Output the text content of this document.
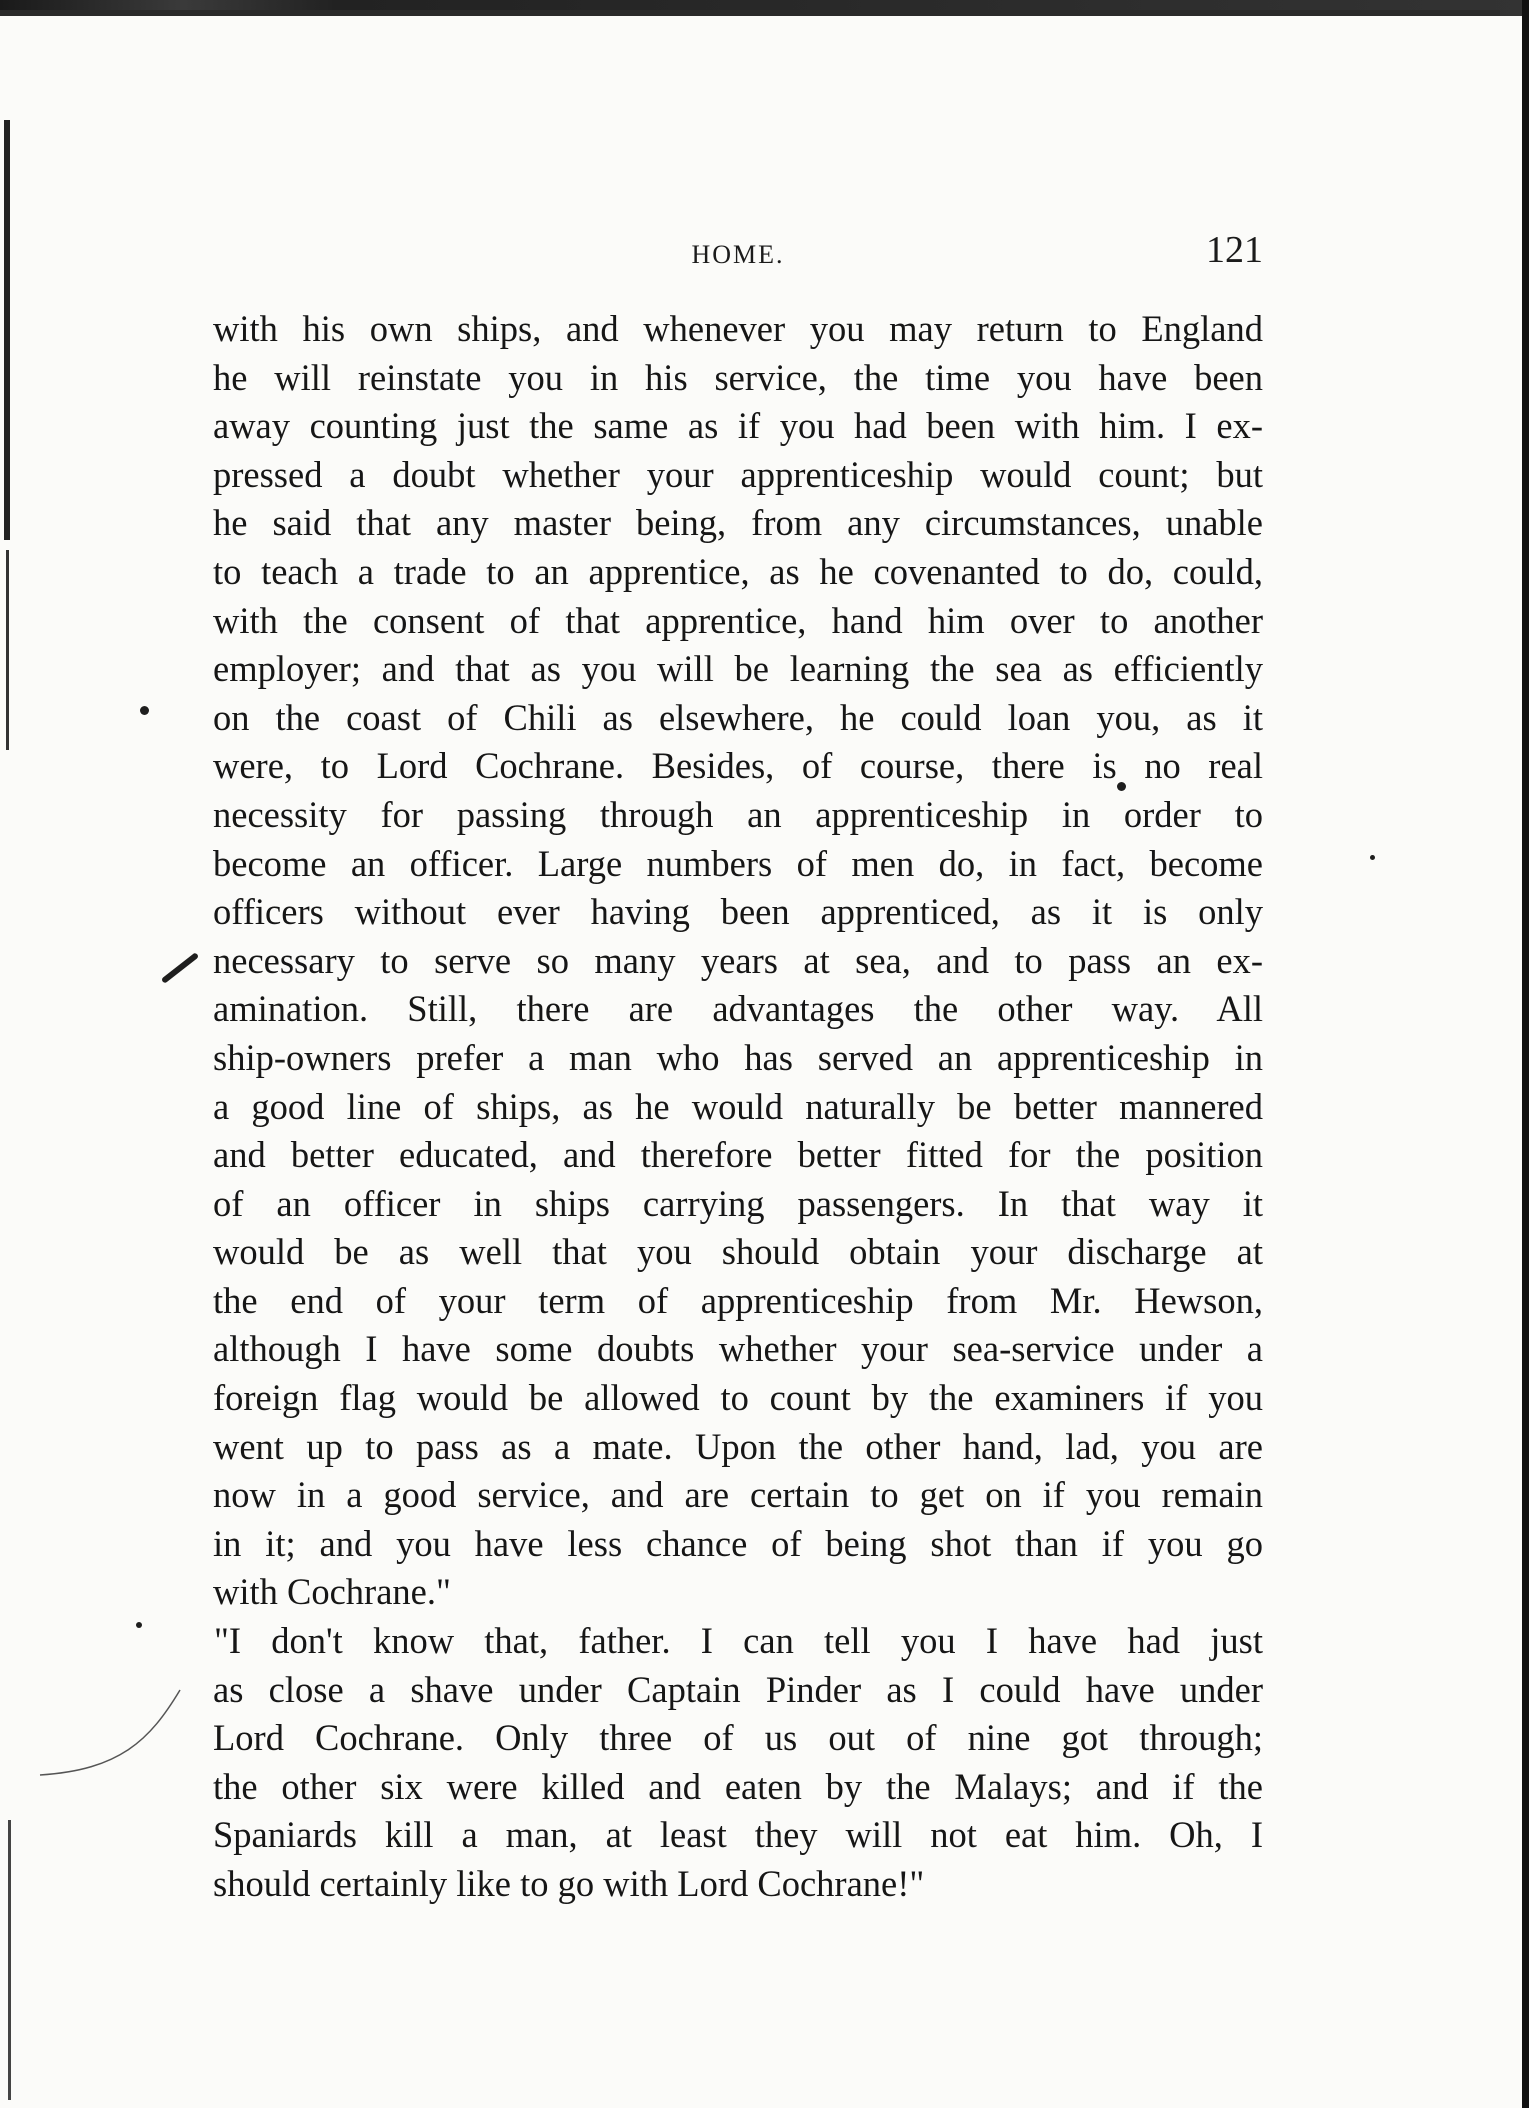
HOME.	121
with his own ships, and whenever you may return to England
he will reinstate you in his service, the time you have been
away counting just the same as if you had been with him. I ex-
pressed a doubt whether your apprenticeship would count; but
he said that any master being, from any circumstances, unable
to teach a trade to an apprentice, as he covenanted to do, could,
with the consent of that apprentice, hand him over to another
employer; and that as you will be learning the sea as efficiently
on the coast of Chili as elsewhere, he could loan you, as it
were, to Lord Cochrane. Besides, of course, there is no real
necessity for passing through an apprenticeship in order to
become an officer. Large numbers of men do, in fact, become
officers without ever having been apprenticed, as it is only
necessary to serve so many years at sea, and to pass an ex-
amination. Still, there are advantages the other way. All
ship-owners prefer a man who has served an apprenticeship in
a good line of ships, as he would naturally be better mannered
and better educated, and therefore better fitted for the position
of an officer in ships carrying passengers. In that way it
would be as well that you should obtain your discharge at
the end of your term of apprenticeship from Mr. Hewson,
although I have some doubts whether your sea-service under a
foreign flag would be allowed to count by the examiners if you
went up to pass as a mate. Upon the other hand, lad, you are
now in a good service, and are certain to get on if you remain
in it; and you have less chance of being shot than if you go
with Cochrane."
"I don't know that, father. I can tell you I have had just
as close a shave under Captain Pinder as I could have under
Lord Cochrane. Only three of us out of nine got through;
the other six were killed and eaten by the Malays; and if the
Spaniards kill a man, at least they will not eat him. Oh, I
should certainly like to go with Lord Cochrane!"
